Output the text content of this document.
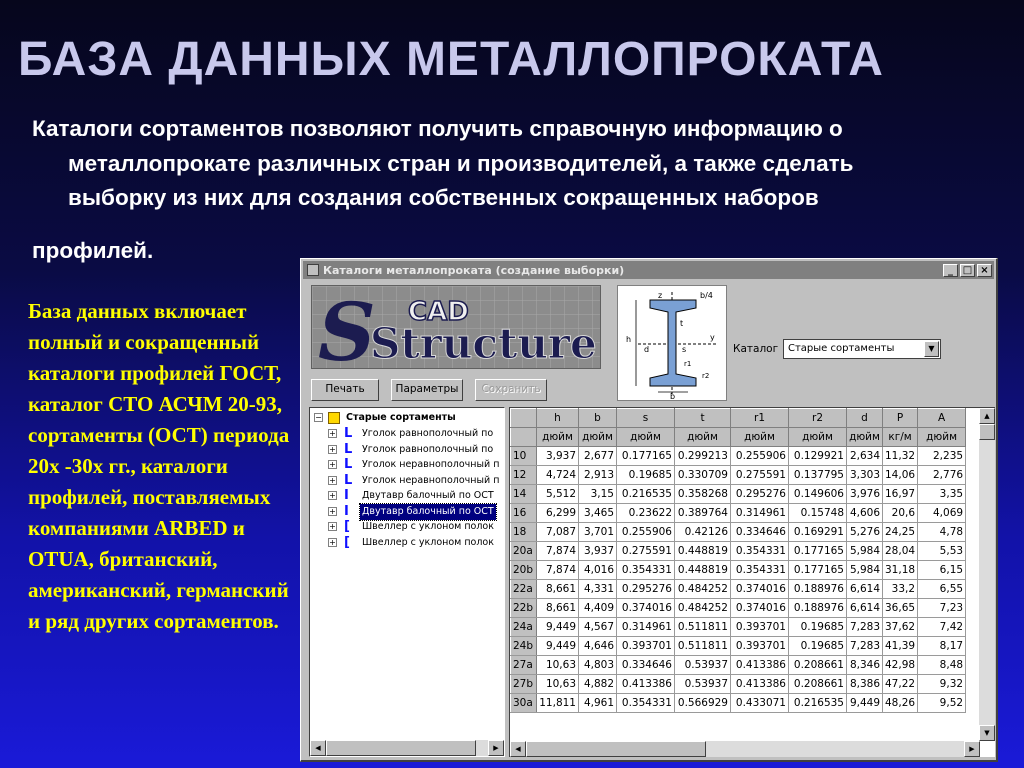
БАЗА ДАННЫХ МЕТАЛЛОПРОКАТА
Каталоги сортаментов позволяют получить справочную информацию о металлопрокате различных стран и производителей, а также сделать выборку из них для создания собственных сокращенных наборов
профилей.
База данных включает полный и сокращенный каталоги профилей ГОСТ, каталог СТО АСЧМ 20-93, сортаменты (ОСТ) периода 20х -30х гг., каталоги профилей, поставляемых компаниями ARBED и OTUA, британский, американский, германский и ряд других сортаментов.
Каталоги металлопроката (создание выборки)	_ □ ×
S CAD
Structure
z	b/4
t
y
h
d	s
r1
r2
b
Печать	Параметры	Сохранить
Каталог Старые сортаменты	▼
−	Старые сортаменты
+ L Уголок равнополочный по
+ L Уголок равнополочный по
+ L Уголок неравнополочный п
+ L Уголок неравнополочный п
+ I Двутавр балочный по ОСТ
+ I Двутавр балочный по ОСТ
+ [ Швеллер с уклоном полок
+ [ Швеллер с уклоном полок
◀	▶
	h	b	s	t	r1	r2	d	P	A
	дюйм	дюйм	дюйм	дюйм	дюйм	дюйм	дюйм	кг/м	дюйм
10	3,937	2,677	0.177165	0.299213	0.255906	0.129921	2,634	11,32	2,235
12	4,724	2,913	0.19685	0.330709	0.275591	0.137795	3,303	14,06	2,776
14	5,512	3,15	0.216535	0.358268	0.295276	0.149606	3,976	16,97	3,35
16	6,299	3,465	0.23622	0.389764	0.314961	0.15748	4,606	20,6	4,069
18	7,087	3,701	0.255906	0.42126	0.334646	0.169291	5,276	24,25	4,78
20a	7,874	3,937	0.275591	0.448819	0.354331	0.177165	5,984	28,04	5,53
20b	7,874	4,016	0.354331	0.448819	0.354331	0.177165	5,984	31,18	6,15
22a	8,661	4,331	0.295276	0.484252	0.374016	0.188976	6,614	33,2	6,55
22b	8,661	4,409	0.374016	0.484252	0.374016	0.188976	6,614	36,65	7,23
24a	9,449	4,567	0.314961	0.511811	0.393701	0.19685	7,283	37,62	7,42
24b	9,449	4,646	0.393701	0.511811	0.393701	0.19685	7,283	41,39	8,17
27a	10,63	4,803	0.334646	0.53937	0.413386	0.208661	8,346	42,98	8,48
27b	10,63	4,882	0.413386	0.53937	0.413386	0.208661	8,386	47,22	9,32
30a	11,811	4,961	0.354331	0.566929	0.433071	0.216535	9,449	48,26	9,52
▲
▼
◀	▶
